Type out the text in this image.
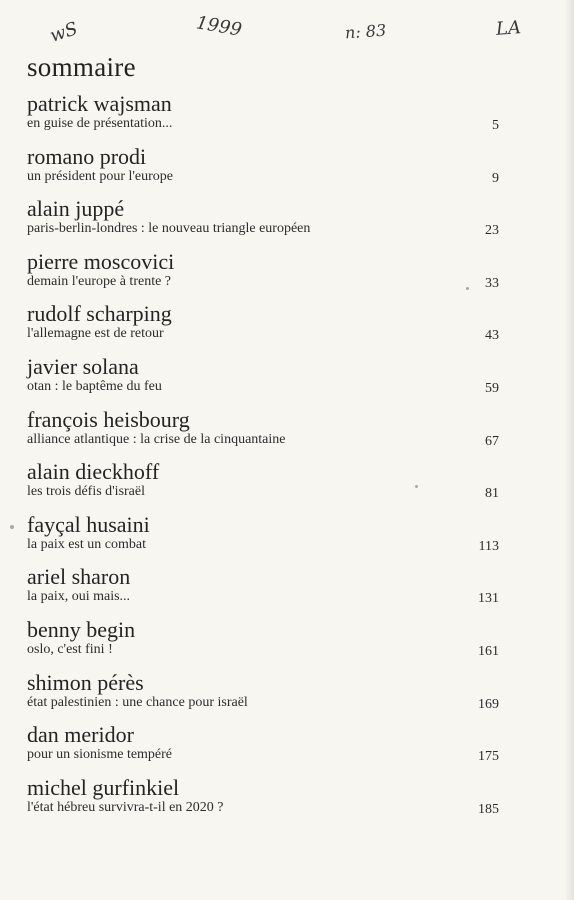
wS	1999	n: 83	LA
sommaire
patrick wajsman
en guise de présentation...	5
romano prodi
un président pour l'europe	9
alain juppé
paris-berlin-londres : le nouveau triangle européen	23
pierre moscovici
demain l'europe à trente ?	33
rudolf scharping
l'allemagne est de retour	43
javier solana
otan : le baptême du feu	59
françois heisbourg
alliance atlantique : la crise de la cinquantaine	67
alain dieckhoff
les trois défis d'israël	81
fayçal husaini
la paix est un combat	113
ariel sharon
la paix, oui mais...	131
benny begin
oslo, c'est fini !	161
shimon pérès
état palestinien : une chance pour israël	169
dan meridor
pour un sionisme tempéré	175
michel gurfinkiel
l'état hébreu survivra-t-il en 2020 ?	185
